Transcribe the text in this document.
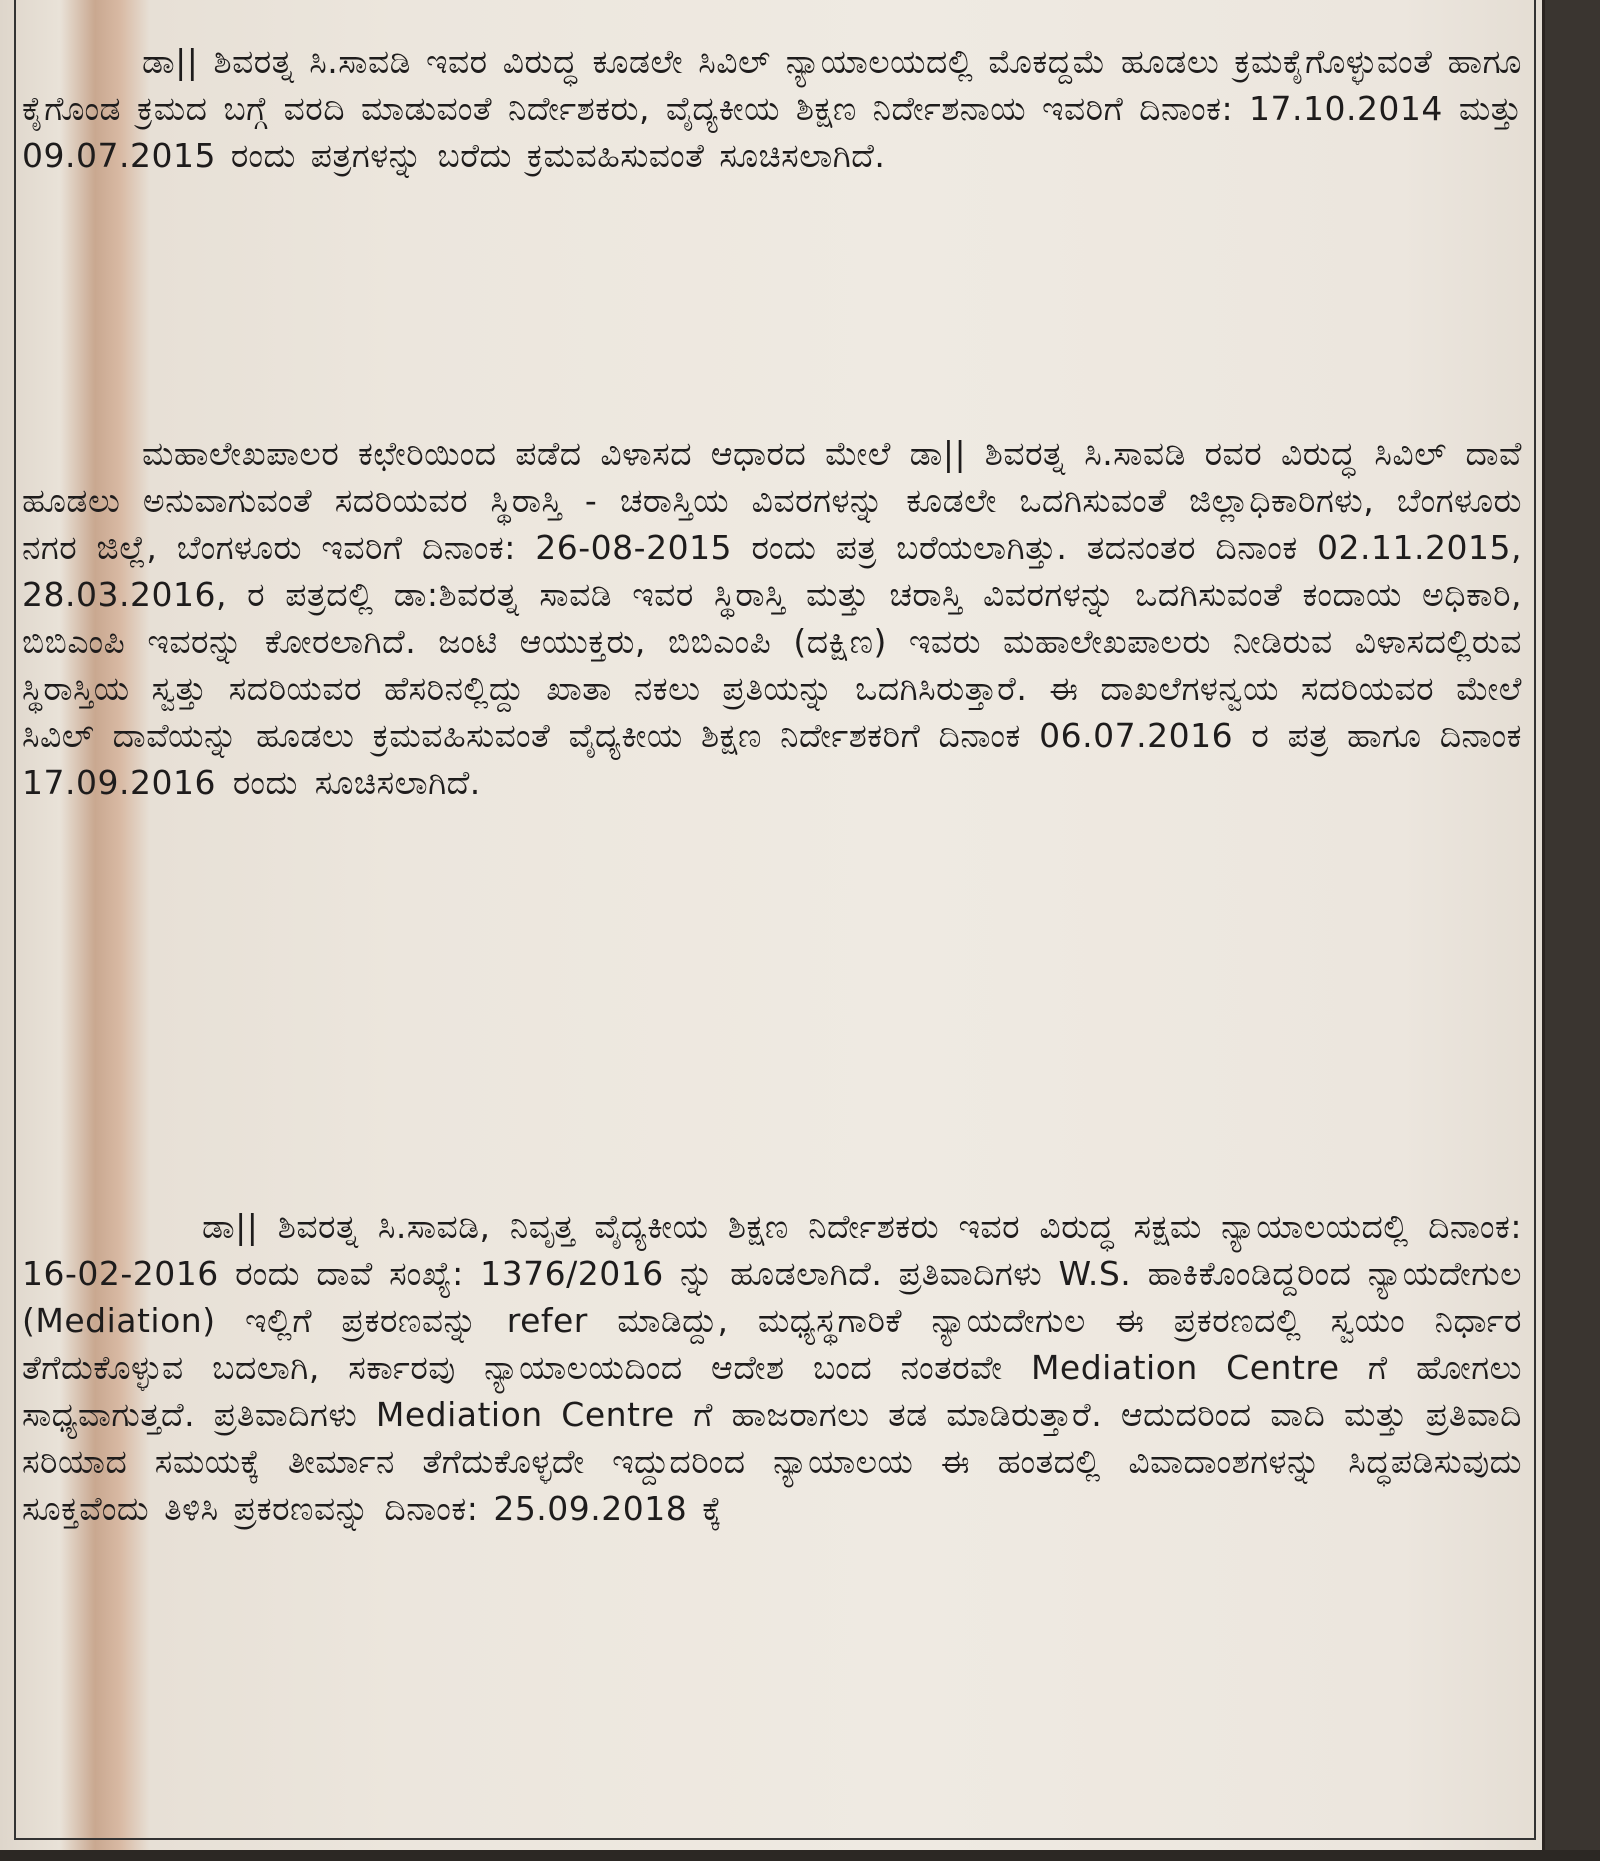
ಡಾ|| ಶಿವರತ್ನ ಸಿ.ಸಾವಡಿ ಇವರ ವಿರುದ್ಧ ಕೂಡಲೇ ಸಿವಿಲ್ ನ್ಯಾಯಾಲಯದಲ್ಲಿ ಮೊಕದ್ದಮೆ ಹೂಡಲು ಕ್ರಮಕೈಗೊಳ್ಳುವಂತೆ ಹಾಗೂ ಕೈಗೊಂಡ ಕ್ರಮದ ಬಗ್ಗೆ ವರದಿ ಮಾಡುವಂತೆ ನಿರ್ದೇಶಕರು, ವೈದ್ಯಕೀಯ ಶಿಕ್ಷಣ ನಿರ್ದೇಶನಾಯ ಇವರಿಗೆ ದಿನಾಂಕ: 17.10.2014 ಮತ್ತು 09.07.2015 ರಂದು ಪತ್ರಗಳನ್ನು ಬರೆದು ಕ್ರಮವಹಿಸುವಂತೆ ಸೂಚಿಸಲಾಗಿದೆ.

ಮಹಾಲೇಖಪಾಲರ ಕಛೇರಿಯಿಂದ ಪಡೆದ ವಿಳಾಸದ ಆಧಾರದ ಮೇಲೆ ಡಾ|| ಶಿವರತ್ನ ಸಿ.ಸಾವಡಿ ರವರ ವಿರುದ್ಧ ಸಿವಿಲ್ ದಾವೆ ಹೂಡಲು ಅನುವಾಗುವಂತೆ ಸದರಿಯವರ ಸ್ಥಿರಾಸ್ತಿ - ಚರಾಸ್ತಿಯ ವಿವರಗಳನ್ನು ಕೂಡಲೇ ಒದಗಿಸುವಂತೆ ಜಿಲ್ಲಾಧಿಕಾರಿಗಳು, ಬೆಂಗಳೂರು ನಗರ ಜಿಲ್ಲೆ, ಬೆಂಗಳೂರು ಇವರಿಗೆ ದಿನಾಂಕ: 26-08-2015 ರಂದು ಪತ್ರ ಬರೆಯಲಾಗಿತ್ತು. ತದನಂತರ ದಿನಾಂಕ 02.11.2015, 28.03.2016, ರ ಪತ್ರದಲ್ಲಿ ಡಾ:ಶಿವರತ್ನ ಸಾವಡಿ ಇವರ ಸ್ಥಿರಾಸ್ತಿ ಮತ್ತು ಚರಾಸ್ತಿ ವಿವರಗಳನ್ನು ಒದಗಿಸುವಂತೆ ಕಂದಾಯ ಅಧಿಕಾರಿ, ಬಿಬಿಎಂಪಿ ಇವರನ್ನು ಕೋರಲಾಗಿದೆ. ಜಂಟಿ ಆಯುಕ್ತರು, ಬಿಬಿಎಂಪಿ (ದಕ್ಷಿಣ) ಇವರು ಮಹಾಲೇಖಪಾಲರು ನೀಡಿರುವ ವಿಳಾಸದಲ್ಲಿರುವ ಸ್ಥಿರಾಸ್ತಿಯ ಸ್ವತ್ತು ಸದರಿಯವರ ಹೆಸರಿನಲ್ಲಿದ್ದು ಖಾತಾ ನಕಲು ಪ್ರತಿಯನ್ನು ಒದಗಿಸಿರುತ್ತಾರೆ. ಈ ದಾಖಲೆಗಳನ್ವಯ ಸದರಿಯವರ ಮೇಲೆ ಸಿವಿಲ್ ದಾವೆಯನ್ನು ಹೂಡಲು ಕ್ರಮವಹಿಸುವಂತೆ ವೈದ್ಯಕೀಯ ಶಿಕ್ಷಣ ನಿರ್ದೇಶಕರಿಗೆ ದಿನಾಂಕ 06.07.2016 ರ ಪತ್ರ ಹಾಗೂ ದಿನಾಂಕ 17.09.2016 ರಂದು ಸೂಚಿಸಲಾಗಿದೆ.

ಡಾ|| ಶಿವರತ್ನ ಸಿ.ಸಾವಡಿ, ನಿವೃತ್ತ ವೈದ್ಯಕೀಯ ಶಿಕ್ಷಣ ನಿರ್ದೇಶಕರು ಇವರ ವಿರುದ್ಧ ಸಕ್ಷಮ ನ್ಯಾಯಾಲಯದಲ್ಲಿ ದಿನಾಂಕ: 16-02-2016 ರಂದು ದಾವೆ ಸಂಖ್ಯೆ: 1376/2016 ನ್ನು ಹೂಡಲಾಗಿದೆ. ಪ್ರತಿವಾದಿಗಳು W.S. ಹಾಕಿಕೊಂಡಿದ್ದರಿಂದ ನ್ಯಾಯದೇಗುಲ (Mediation) ಇಲ್ಲಿಗೆ ಪ್ರಕರಣವನ್ನು refer ಮಾಡಿದ್ದು, ಮಧ್ಯಸ್ಥಗಾರಿಕೆ ನ್ಯಾಯದೇಗುಲ ಈ ಪ್ರಕರಣದಲ್ಲಿ ಸ್ವಯಂ ನಿರ್ಧಾರ ತೆಗೆದುಕೊಳ್ಳುವ ಬದಲಾಗಿ, ಸರ್ಕಾರವು ನ್ಯಾಯಾಲಯದಿಂದ ಆದೇಶ ಬಂದ ನಂತರವೇ Mediation Centre ಗೆ ಹೋಗಲು ಸಾಧ್ಯವಾಗುತ್ತದೆ. ಪ್ರತಿವಾದಿಗಳು Mediation Centre ಗೆ ಹಾಜರಾಗಲು ತಡ ಮಾಡಿರುತ್ತಾರೆ. ಆದುದರಿಂದ ವಾದಿ ಮತ್ತು ಪ್ರತಿವಾದಿ ಸರಿಯಾದ ಸಮಯಕ್ಕೆ ತೀರ್ಮಾನ ತೆಗೆದುಕೊಳ್ಳದೇ ಇದ್ದುದರಿಂದ ನ್ಯಾಯಾಲಯ ಈ ಹಂತದಲ್ಲಿ ವಿವಾದಾಂಶಗಳನ್ನು ಸಿದ್ಧಪಡಿಸುವುದು ಸೂಕ್ತವೆಂದು ತಿಳಿಸಿ ಪ್ರಕರಣವನ್ನು ದಿನಾಂಕ: 25.09.2018 ಕ್ಕೆ
